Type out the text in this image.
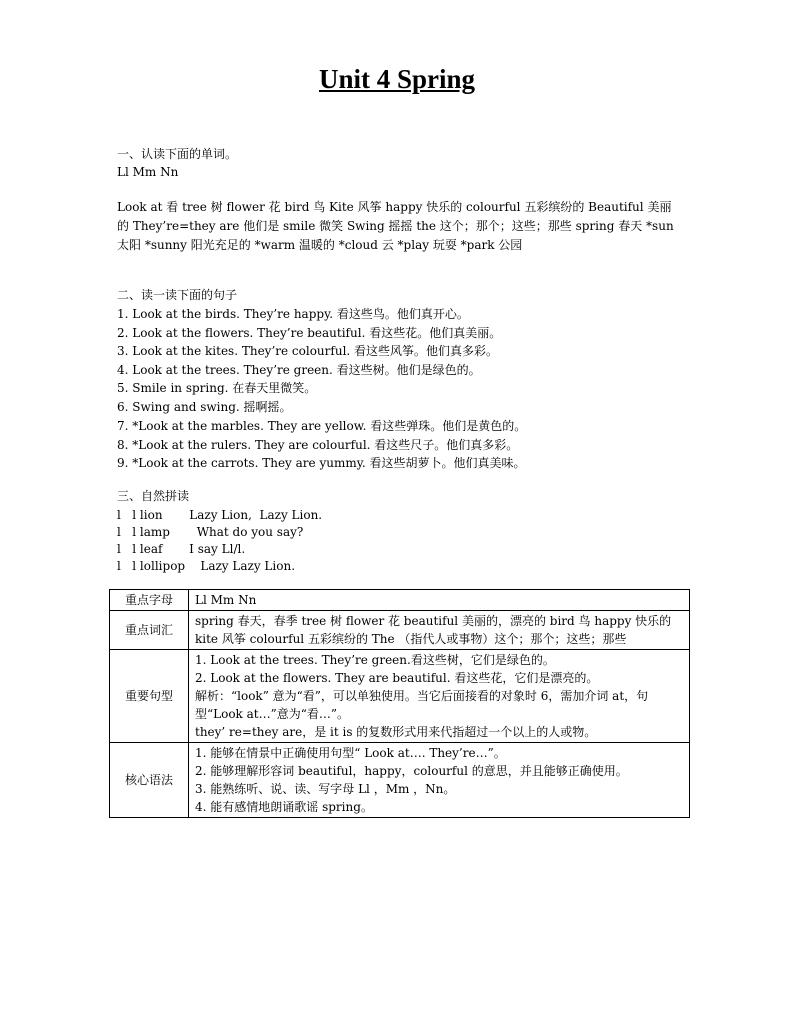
Unit 4 Spring
一、认读下面的单词。
Ll Mm Nn
Look at 看 tree 树 flower 花 bird 鸟 Kite 风筝 happy 快乐的 colourful 五彩缤纷的 Beautiful 美丽的 They’re=they are 他们是 smile 微笑 Swing 摇摇 the 这个；那个；这些；那些 spring 春天 *sun 太阳 *sunny 阳光充足的 *warm 温暖的 *cloud 云 *play 玩耍 *park 公园
二、读一读下面的句子
1. Look at the birds. They’re happy. 看这些鸟。他们真开心。
2. Look at the flowers. They’re beautiful. 看这些花。他们真美丽。
3. Look at the kites. They’re colourful. 看这些风筝。他们真多彩。
4. Look at the trees. They’re green. 看这些树。他们是绿色的。
5. Smile in spring. 在春天里微笑。
6. Swing and swing. 摇啊摇。
7. *Look at the marbles. They are yellow. 看这些弹珠。他们是黄色的。
8. *Look at the rulers. They are colourful. 看这些尺子。他们真多彩。
9. *Look at the carrots. They are yummy. 看这些胡萝卜。他们真美味。
三、自然拼读
l   l lion       Lazy Lion,  Lazy Lion.
l   l lamp       What do you say?
l   l leaf       I say Ll/l.
l   l lollipop    Lazy Lazy Lion.
重点字母	Ll Mm Nn

重点词汇	spring 春天，春季 tree 树 flower 花 beautiful 美丽的，漂亮的 bird 鸟 happy 快乐的 kite 风筝 colourful 五彩缤纷的 The （指代人或事物）这个；那个；这些；那些

重要句型	1. Look at the trees. They’re green.看这些树，它们是绿色的。
2. Look at the flowers. They are beautiful. 看这些花，它们是漂亮的。
解析：“look” 意为“看”，可以单独使用。当它后面接看的对象时 6，需加介词 at，句型“Look at…”意为“看…”。
they’ re=they are，是 it is 的复数形式用来代指超过一个以上的人或物。

核心语法	1. 能够在情景中正确使用句型“ Look at…. They’re…”。
2. 能够理解形容词 beautiful，happy，colourful 的意思，并且能够正确使用。
3. 能熟练听、说、读、写字母 Ll ，Mm ，Nn。
4. 能有感情地朗诵歌谣 spring。
